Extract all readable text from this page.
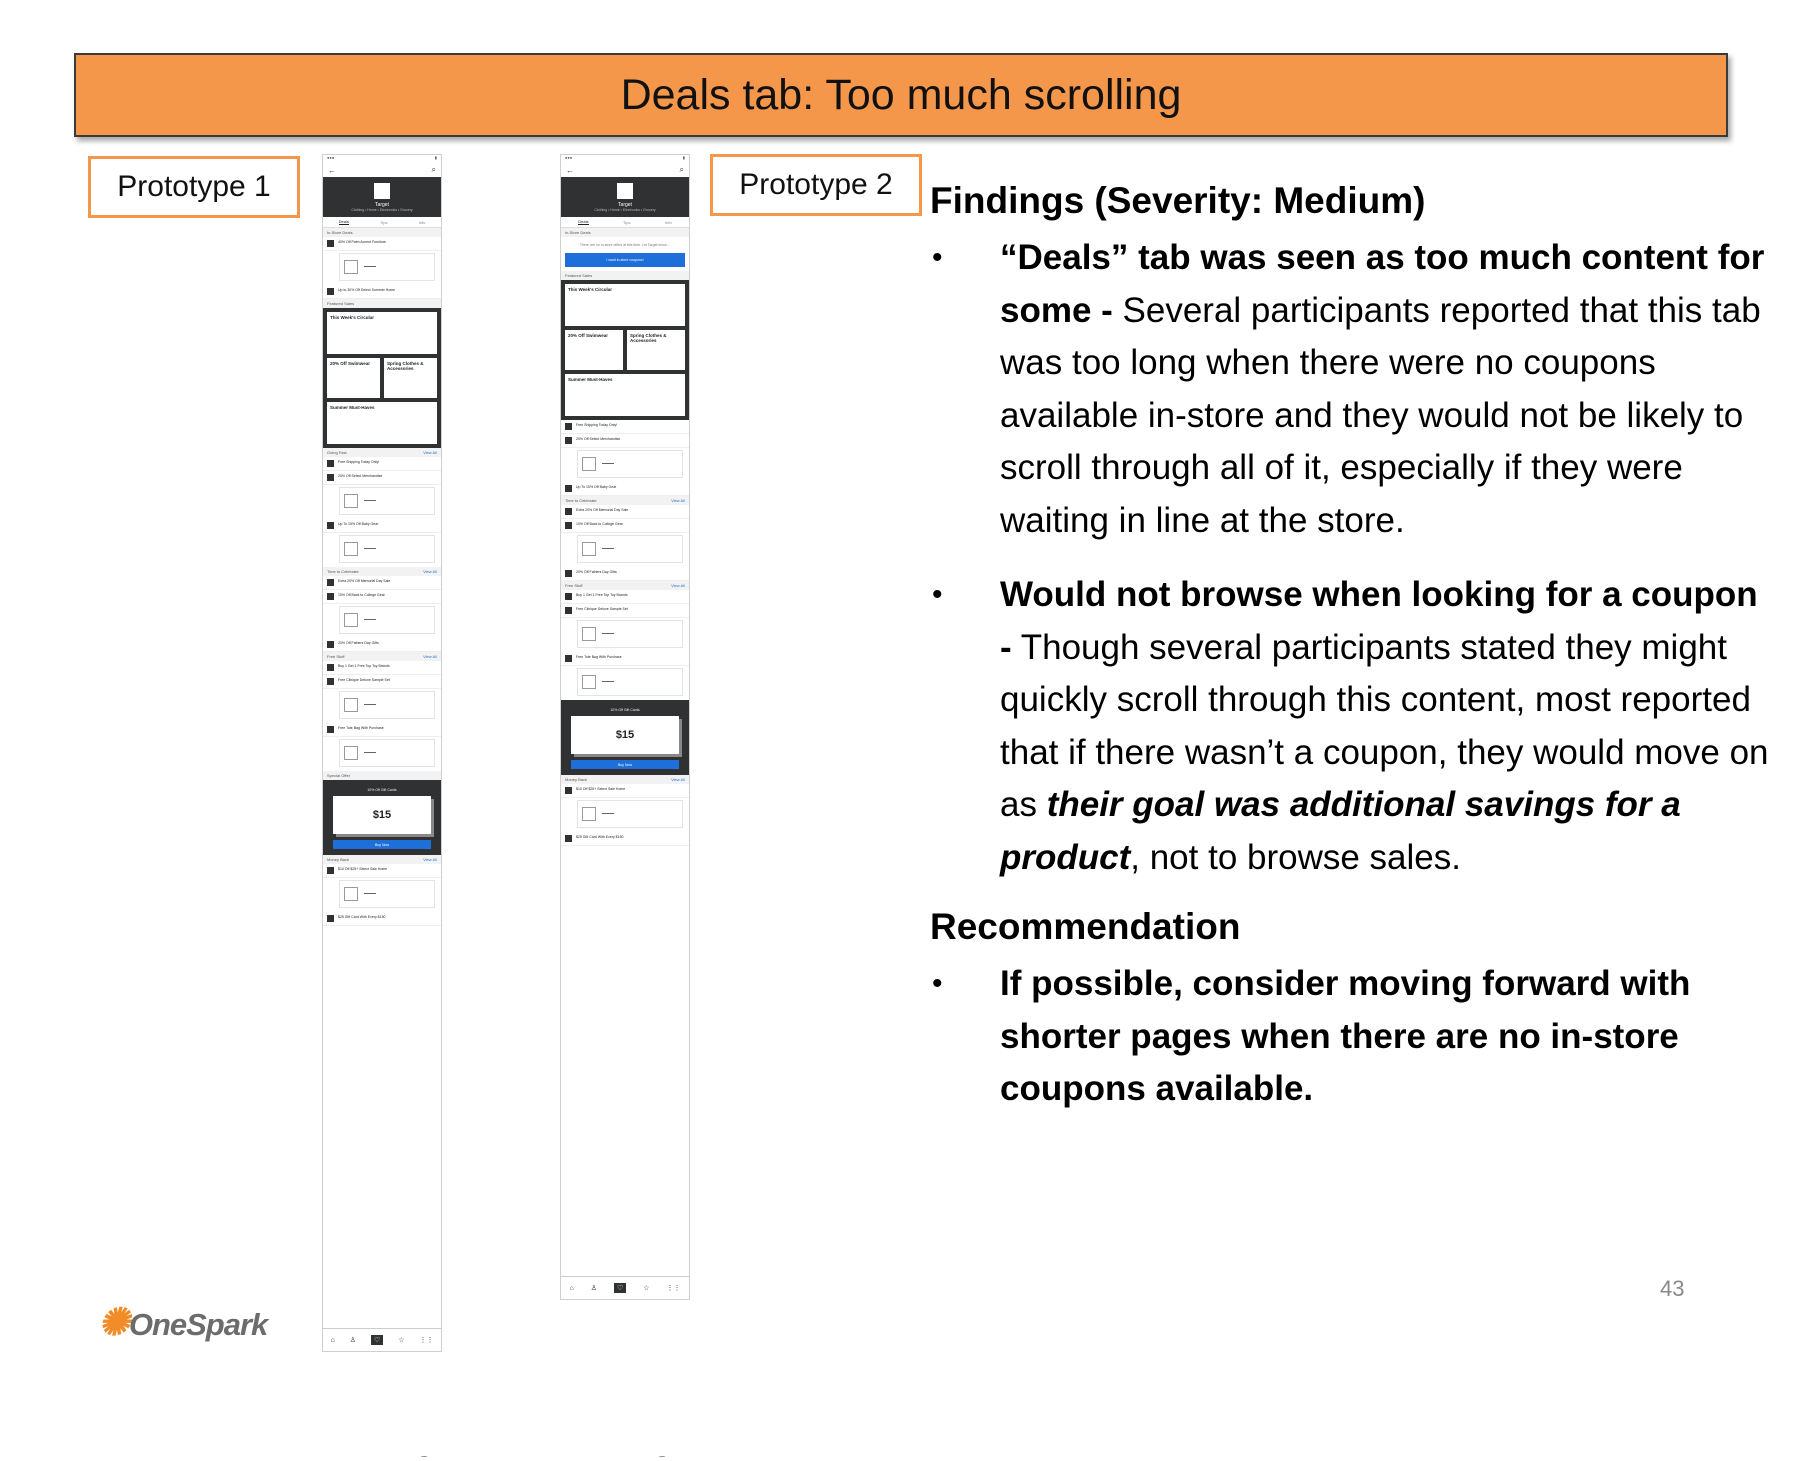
Deals tab: Too much scrolling
Prototype 1	Prototype 2
●●●	▮
←
~~
⌕
Target
Clothing • Home • Electronics • Grocery
Deals	Tips	Info
In-Store Deals
40% Off Palm Accent Furniture
▬▬▬▬
Up to 30% Off Select Summer Home
Featured Sales
This Week's Circular
20% Off Swimwear	Spring Clothes & Accessories
Summer Must-Haves
Going Fast	View All
Free Shipping Today Only!
20% Off Select Merchandise
▬▬▬▬
Up To 15% Off Baby Gear
▬▬▬▬
Time to Celebrate	View All
Extra 20% Off Memorial Day Sale
10% Off Back to College Gear
▬▬▬▬
20% Off Fathers Day Gifts
Free Stuff	View All
Buy 1 Get 1 Free Top Toy Brands
Free Clinique Deluxe Sample Set
▬▬▬▬
Free Tote Bag With Purchase
▬▬▬▬
Special Offer
10% Off Gift Cards
$15
Buy Now
Money Back	View All
$10 Off $25+ Select Sale Home
▬▬▬▬
$25 Gift Card With Every $150
⌂ ♙	♡	☆ ⋮⋮
●●●	▮
←
~~
⌕
Target
Clothing • Home • Electronics • Grocery
Deals	Tips	Info
In-Store Deals
There are no in-store offers at this time. Let Target know…
I want in-store coupons!
Featured Sales
This Week's Circular
20% Off Swimwear	Spring Clothes & Accessories
Summer Must-Haves
Free Shipping Today Only!
20% Off Select Merchandise
▬▬▬▬
Up To 15% Off Baby Gear
Time to Celebrate	View All
Extra 20% Off Memorial Day Sale
10% Off Back to College Gear
▬▬▬▬
20% Off Fathers Day Gifts
Free Stuff	View All
Buy 1 Get 1 Free Top Toy Brands
Free Clinique Deluxe Sample Set
▬▬▬▬
Free Tote Bag With Purchase
▬▬▬▬
10% Off Gift Cards
$15
Buy Now
Money Back	View All
$10 Off $25+ Select Sale Home
▬▬▬▬
$25 Gift Card With Every $150
⌂ ♙	♡	☆ ⋮⋮
Findings (Severity: Medium)
• “Deals” tab was seen as too much content for some - Several participants reported that this tab was too long when there were no coupons available in-store and they would not be likely to scroll through all of it, especially if they were waiting in line at the store.
• Would not browse when looking for a coupon - Though several participants stated they might quickly scroll through this content, most reported that if there wasn’t a coupon, they would move on as their goal was additional savings for a product, not to browse sales.
Recommendation
• If possible, consider moving forward with shorter pages when there are no in-store coupons available.
✺OneSpark
43
